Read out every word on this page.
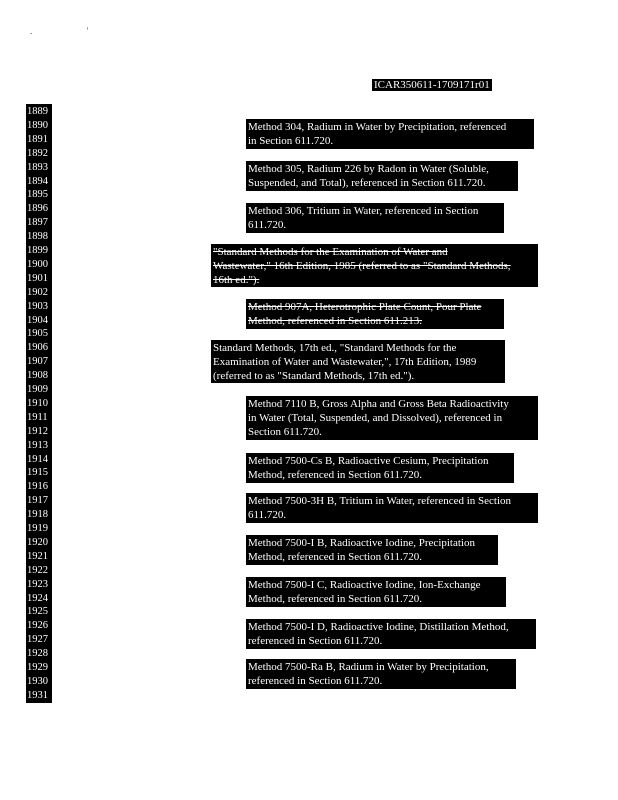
. '
ICAR350611-1709171r01
Method 304, Radium in Water by Precipitation, referenced
in Section 611.720.
Method 305, Radium 226 by Radon in Water (Soluble,
Suspended, and Total), referenced in Section 611.720.
Method 306, Tritium in Water, referenced in Section
611.720.
"Standard Methods for the Examination of Water and
Wastewater," 16th Edition, 1985 (referred to as "Standard Methods,
16th ed.").
Method 907A, Heterotrophic Plate Count, Pour Plate
Method, referenced in Section 611.213.
Standard Methods, 17th ed., "Standard Methods for the
Examination of Water and Wastewater,", 17th Edition, 1989
(referred to as "Standard Methods, 17th ed.").
Method 7110 B, Gross Alpha and Gross Beta Radioactivity
in Water (Total, Suspended, and Dissolved), referenced in
Section 611.720.
Method 7500-Cs B, Radioactive Cesium, Precipitation
Method, referenced in Section 611.720.
Method 7500-3H B, Tritium in Water, referenced in Section
611.720.
Method 7500-I B, Radioactive Iodine, Precipitation
Method, referenced in Section 611.720.
Method 7500-I C, Radioactive Iodine, Ion-Exchange
Method, referenced in Section 611.720.
Method 7500-I D, Radioactive Iodine, Distillation Method,
referenced in Section 611.720.
Method 7500-Ra B, Radium in Water by Precipitation,
referenced in Section 611.720.
1889
1890
1891
1892
1893
1894
1895
1896
1897
1898
1899
1900
1901
1902
1903
1904
1905
1906
1907
1908
1909
1910
1911
1912
1913
1914
1915
1916
1917
1918
1919
1920
1921
1922
1923
1924
1925
1926
1927
1928
1929
1930
1931
